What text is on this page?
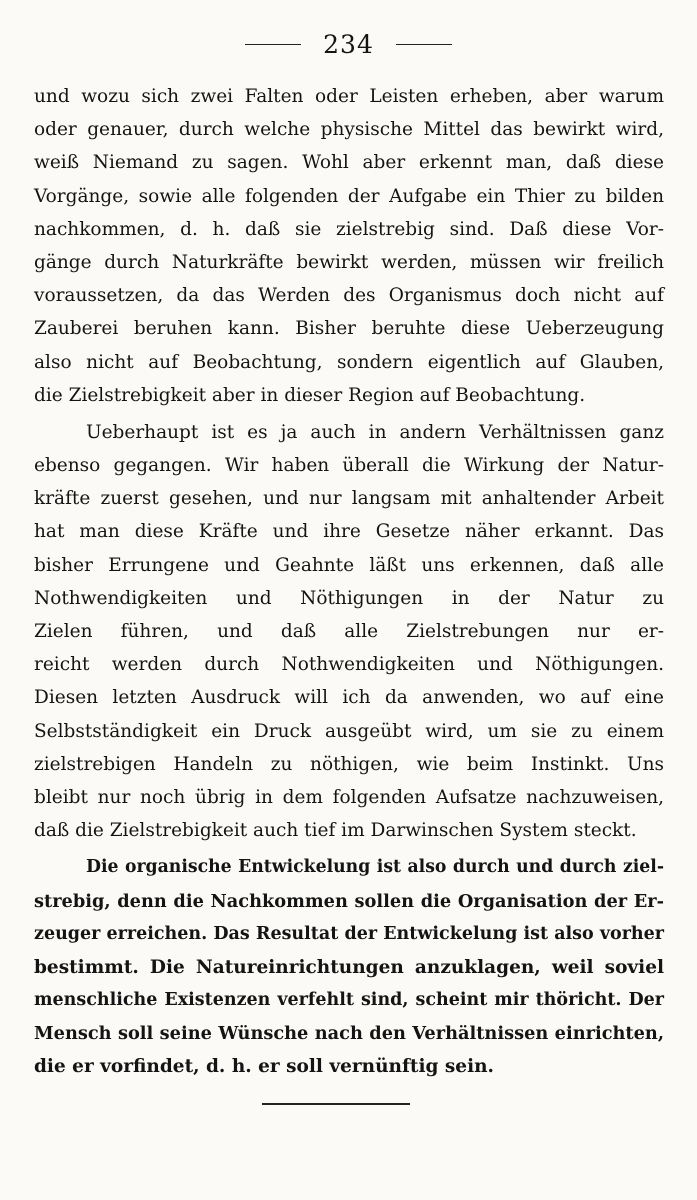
234
und wozu sich zwei Falten oder Leisten erheben, aber warum
oder genauer, durch welche physische Mittel das bewirkt wird,
weiß Niemand zu sagen. Wohl aber erkennt man, daß diese
Vorgänge, sowie alle folgenden der Aufgabe ein Thier zu bilden
nachkommen, d. h. daß sie zielstrebig sind. Daß diese Vor-
gänge durch Naturkräfte bewirkt werden, müssen wir freilich
voraussetzen, da das Werden des Organismus doch nicht auf
Zauberei beruhen kann. Bisher beruhte diese Ueberzeugung
also nicht auf Beobachtung, sondern eigentlich auf Glauben,
die Zielstrebigkeit aber in dieser Region auf Beobachtung.
Ueberhaupt ist es ja auch in andern Verhältnissen ganz
ebenso gegangen. Wir haben überall die Wirkung der Natur-
kräfte zuerst gesehen, und nur langsam mit anhaltender Arbeit
hat man diese Kräfte und ihre Gesetze näher erkannt. Das
bisher Errungene und Geahnte läßt uns erkennen, daß alle
Nothwendigkeiten und Nöthigungen in der Natur zu
Zielen führen, und daß alle Zielstrebungen nur er-
reicht werden durch Nothwendigkeiten und Nöthigungen.
Diesen letzten Ausdruck will ich da anwenden, wo auf eine
Selbstständigkeit ein Druck ausgeübt wird, um sie zu einem
zielstrebigen Handeln zu nöthigen, wie beim Instinkt. Uns
bleibt nur noch übrig in dem folgenden Aufsatze nachzuweisen,
daß die Zielstrebigkeit auch tief im Darwinschen System steckt.
Die organische Entwickelung ist also durch und durch ziel-
strebig, denn die Nachkommen sollen die Organisation der Er-
zeuger erreichen. Das Resultat der Entwickelung ist also vorher
bestimmt. Die Natureinrichtungen anzuklagen, weil soviel
menschliche Existenzen verfehlt sind, scheint mir thöricht. Der
Mensch soll seine Wünsche nach den Verhältnissen einrichten,
die er vorfindet, d. h. er soll vernünftig sein.
